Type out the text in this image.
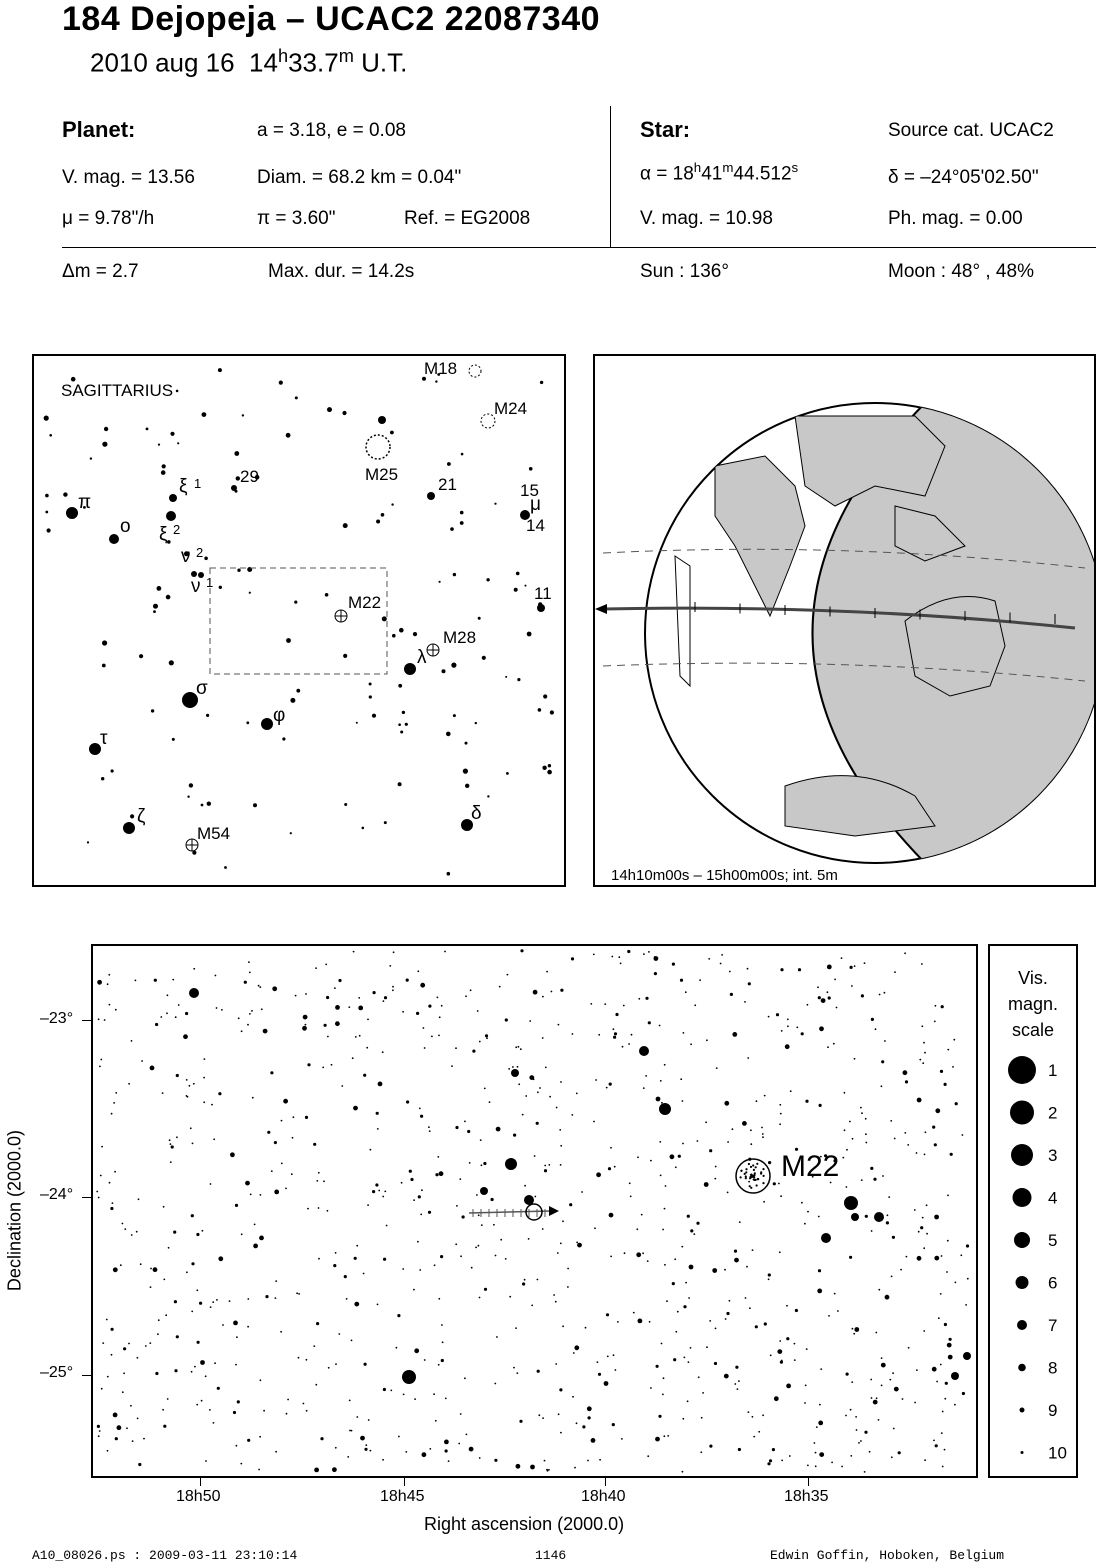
184 Dejopeja – UCAC2 22087340
2010 aug 16 14$^h$33.7$^m$ U.T.
Planet:	a = 3.18, e = 0.08
V. mag. = 13.56	Diam. = 68.2 km = 0.04"
μ = 9.78"/h	π = 3.60"	Ref. = EG2008
Δm = 2.7	Max. dur. = 14.2s
Star:	Source cat. UCAC2
$\alpha = 18^h41^m44.512^s$	δ = –24°05'02.50"
V. mag. = 10.98	Ph. mag. = 0.00
Sun : 136°	Moon : 48° , 48%
SAGITTARIUS
M18
M24
M25
29	21	15
14
11
M22
M28
M54
π
ο
ξ 1
ξ 2
ν 2
ν 1
σ
φ
τ
ζ	δ
λ
μ
14h10m00s – 15h00m00s; int. 5m
M22
18h50	18h45	18h40	18h35
Right ascension (2000.0)
–23°
–24°
–25°
Declination (2000.0)
Vis.
magn.
scale
1
2
3
4
5
6
7
8
9
10
A10_08026.ps : 2009-03-11 23:10:14	1146	Edwin Goffin, Hoboken, Belgium
